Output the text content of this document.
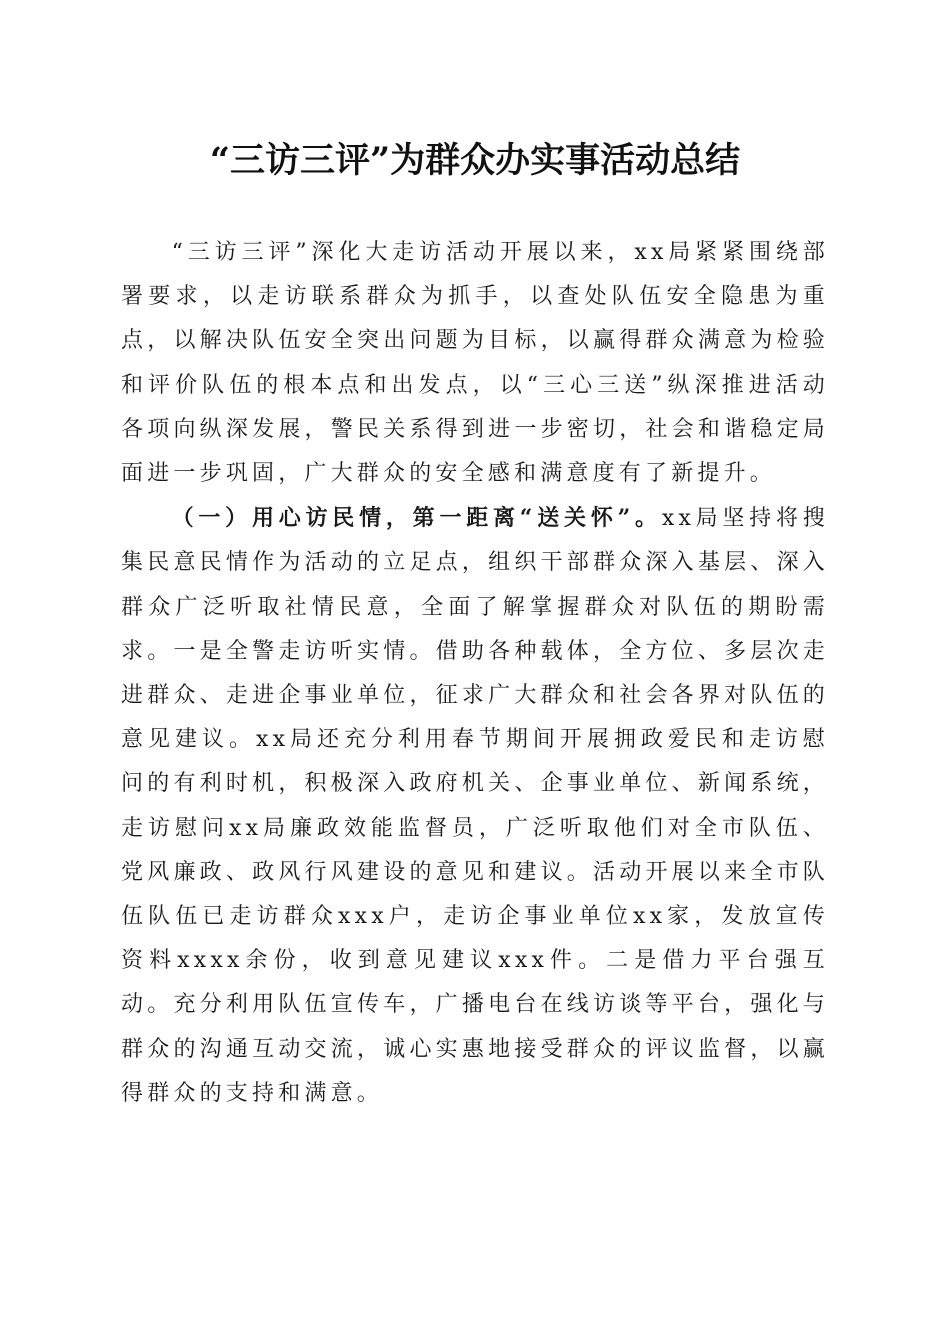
“三访三评”为群众办实事活动总结

“三访三评”深化大走访活动开展以来，xx局紧紧围绕部署要求，以走访联系群众为抓手，以查处队伍安全隐患为重点，以解决队伍安全突出问题为目标，以赢得群众满意为检验和评价队伍的根本点和出发点，以“三心三送”纵深推进活动各项向纵深发展，警民关系得到进一步密切，社会和谐稳定局面进一步巩固，广大群众的安全感和满意度有了新提升。

（一）用心访民情，第一距离“送关怀”。xx局坚持将搜集民意民情作为活动的立足点，组织干部群众深入基层、深入群众广泛听取社情民意，全面了解掌握群众对队伍的期盼需求。一是全警走访听实情。借助各种载体，全方位、多层次走进群众、走进企事业单位，征求广大群众和社会各界对队伍的意见建议。xx局还充分利用春节期间开展拥政爱民和走访慰问的有利时机，积极深入政府机关、企事业单位、新闻系统，走访慰问xx局廉政效能监督员，广泛听取他们对全市队伍、党风廉政、政风行风建设的意见和建议。活动开展以来全市队伍队伍已走访群众xxx户，走访企事业单位xx家，发放宣传资料xxxx余份，收到意见建议xxx件。二是借力平台强互动。充分利用队伍宣传车，广播电台在线访谈等平台，强化与群众的沟通互动交流，诚心实惠地接受群众的评议监督，以赢得群众的支持和满意。
